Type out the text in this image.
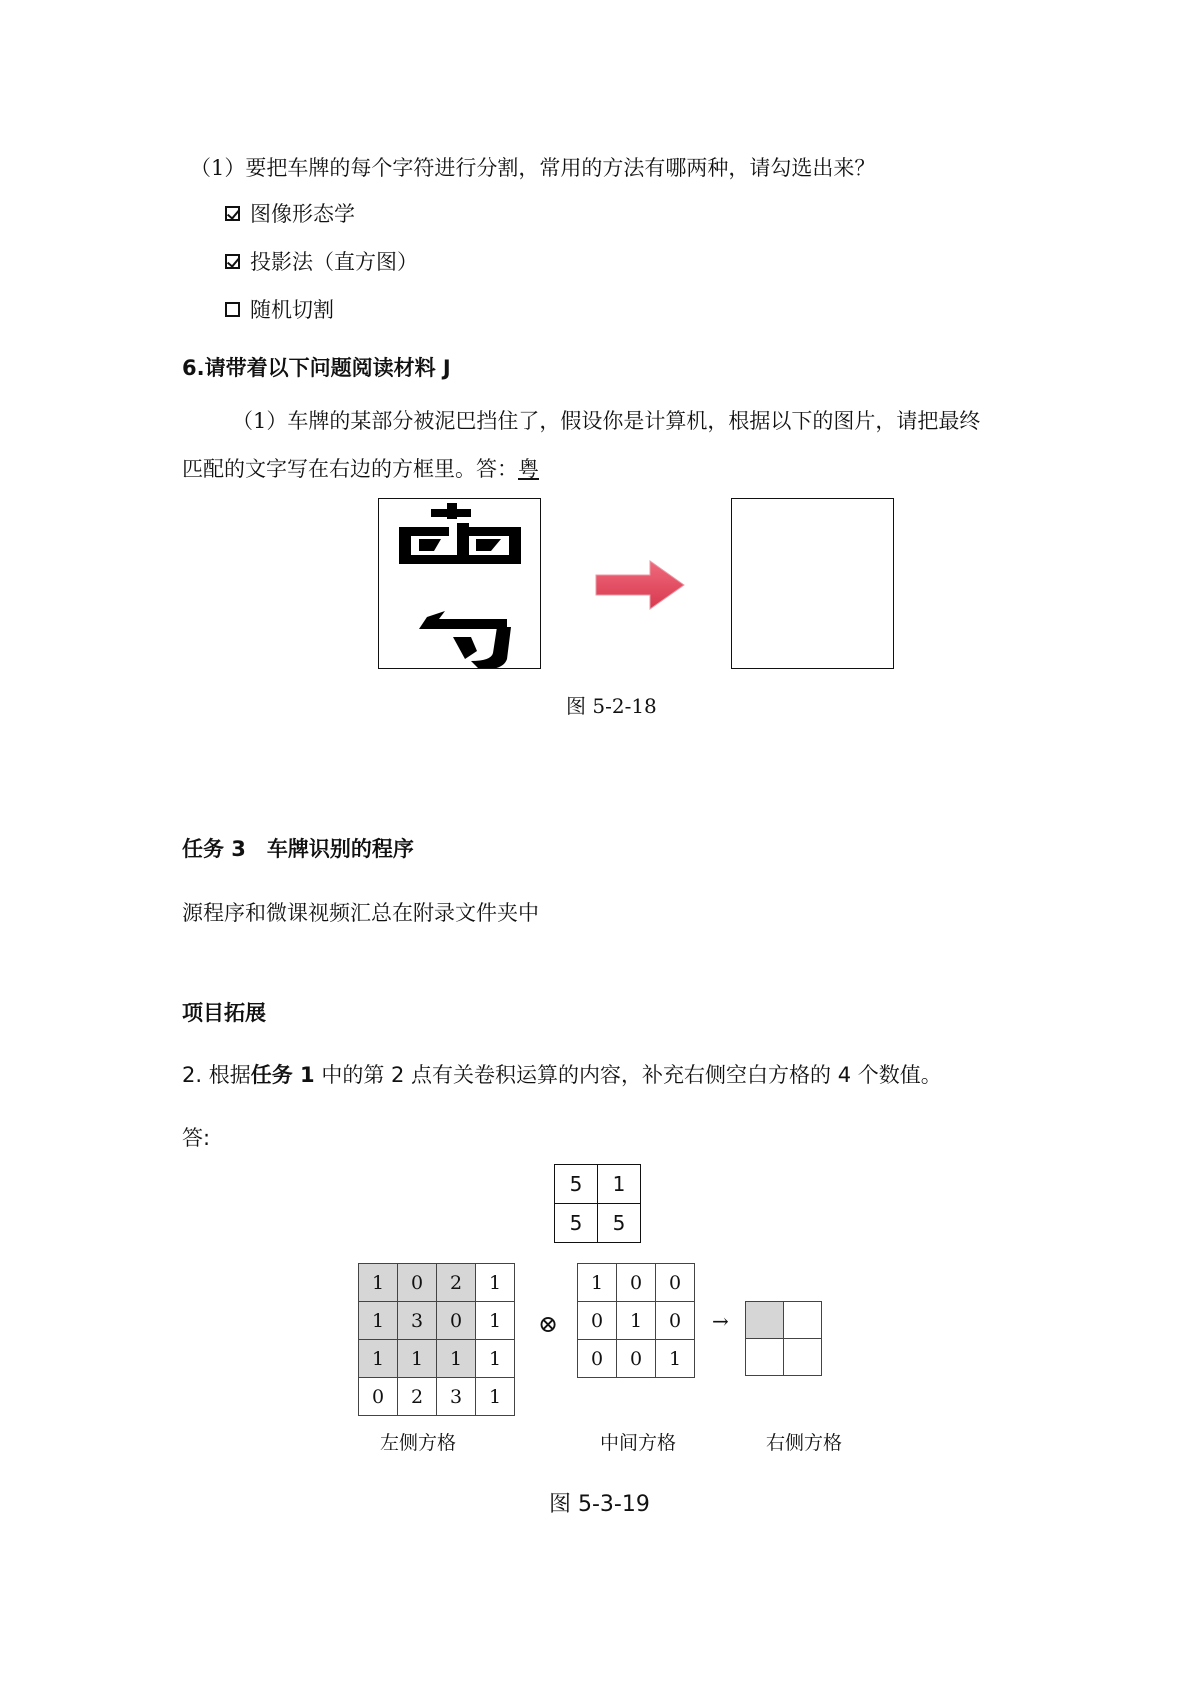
（1）要把车牌的每个字符进行分割，常用的方法有哪两种，请勾选出来？
图像形态学
投影法（直方图）
随机切割
6.请带着以下问题阅读材料 J
（1）车牌的某部分被泥巴挡住了，假设你是计算机，根据以下的图片，请把最终
匹配的文字写在右边的方框里。答：粤
图 5-2-18
任务 3　车牌识别的程序
源程序和微课视频汇总在附录文件夹中
项目拓展
2. 根据任务 1 中的第 2 点有关卷积运算的内容，补充右侧空白方格的 4 个数值。
答:
5	1
5	5
1	0	2	1
1	3	0	1
1	1	1	1
0	2	3	1
⊗
1	0	0
0	1	0
0	0	1
→

左侧方格	中间方格	右侧方格
图 5-3-19
